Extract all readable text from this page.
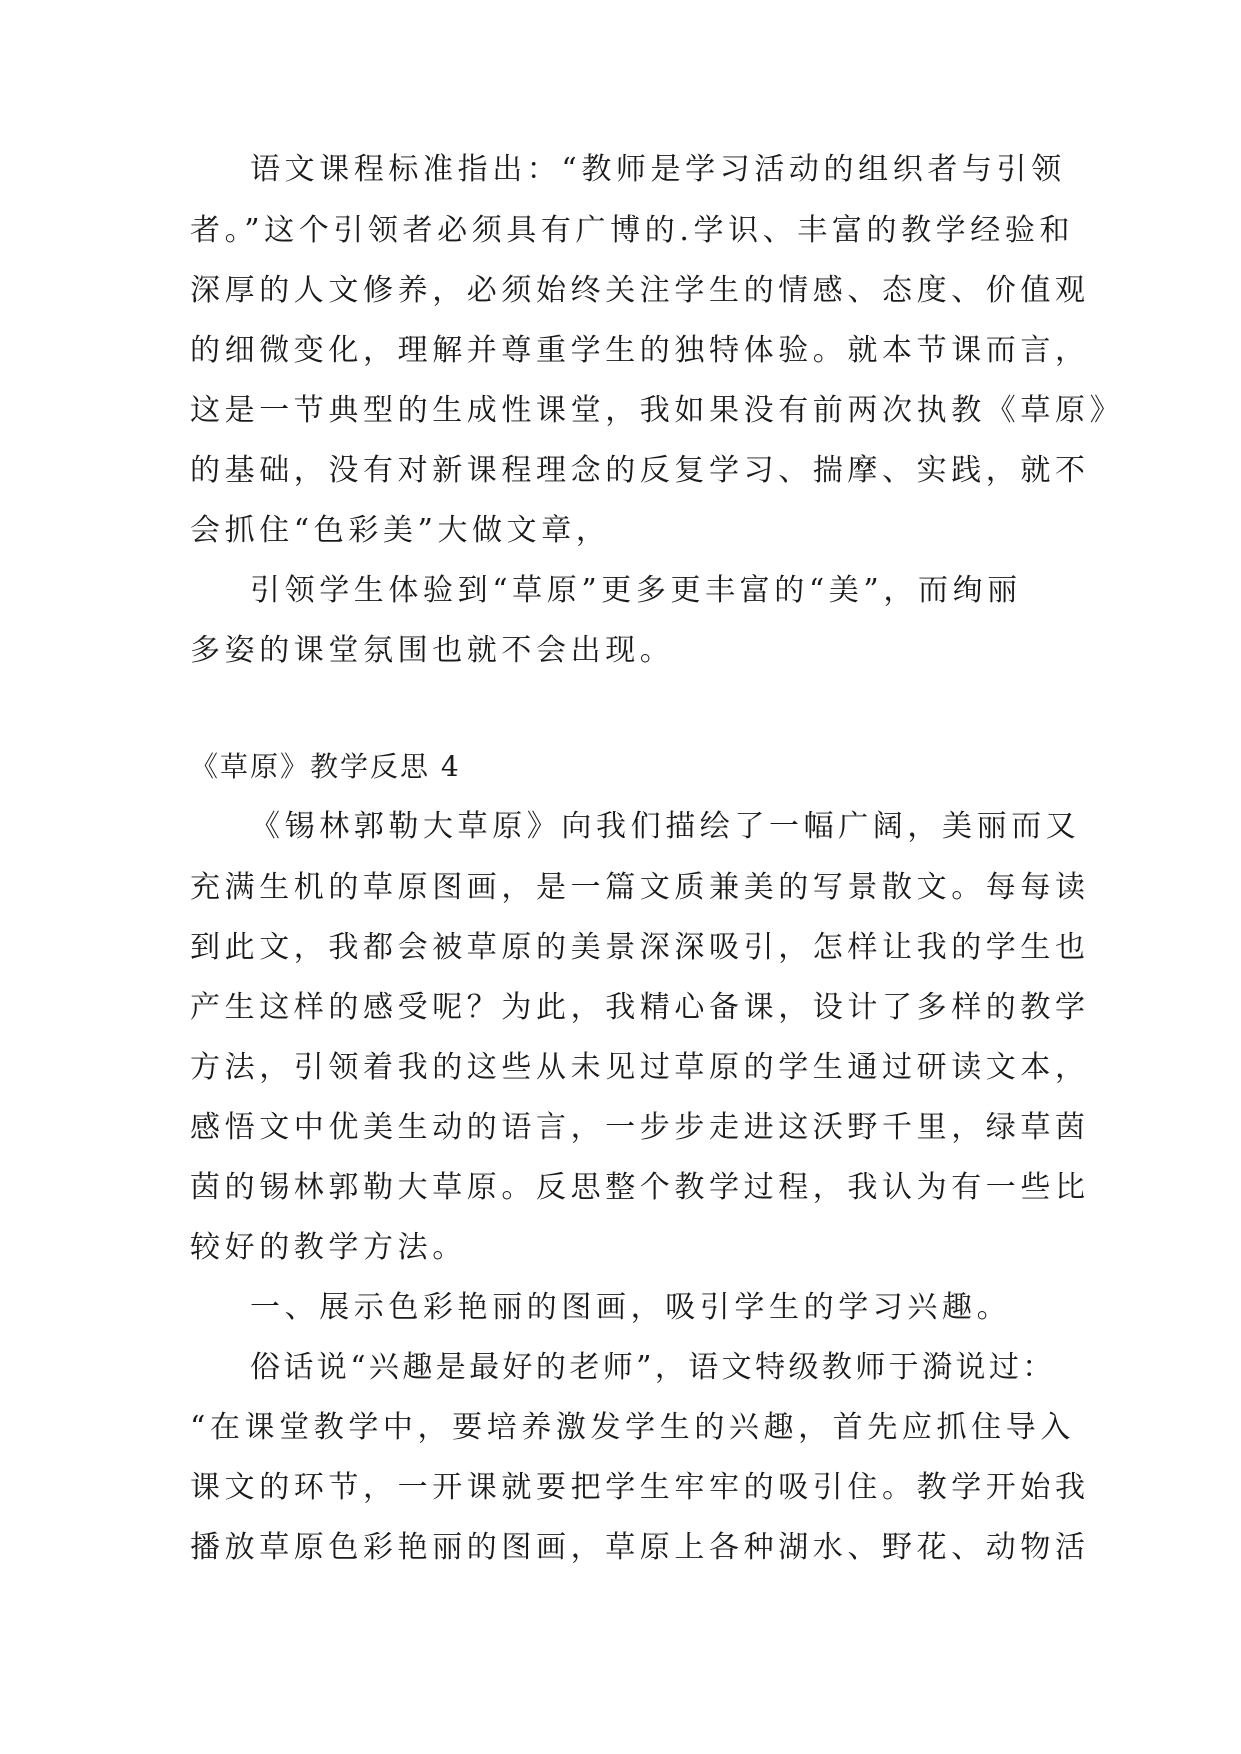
语文课程标准指出：“教师是学习活动的组织者与引领
者。”这个引领者必须具有广博的.学识、丰富的教学经验和
深厚的人文修养，必须始终关注学生的情感、态度、价值观
的细微变化，理解并尊重学生的独特体验。就本节课而言，
这是一节典型的生成性课堂，我如果没有前两次执教《草原》
的基础，没有对新课程理念的反复学习、揣摩、实践，就不
会抓住“色彩美”大做文章，
引领学生体验到“草原”更多更丰富的“美”，而绚丽
多姿的课堂氛围也就不会出现。
《草原》教学反思 4
《锡林郭勒大草原》向我们描绘了一幅广阔，美丽而又
充满生机的草原图画，是一篇文质兼美的写景散文。每每读
到此文，我都会被草原的美景深深吸引，怎样让我的学生也
产生这样的感受呢？为此，我精心备课，设计了多样的教学
方法，引领着我的这些从未见过草原的学生通过研读文本，
感悟文中优美生动的语言，一步步走进这沃野千里，绿草茵
茵的锡林郭勒大草原。反思整个教学过程，我认为有一些比
较好的教学方法。
一、展示色彩艳丽的图画，吸引学生的学习兴趣。
俗话说“兴趣是最好的老师”，语文特级教师于漪说过：
“在课堂教学中，要培养激发学生的兴趣，首先应抓住导入
课文的环节，一开课就要把学生牢牢的吸引住。教学开始我
播放草原色彩艳丽的图画，草原上各种湖水、野花、动物活
